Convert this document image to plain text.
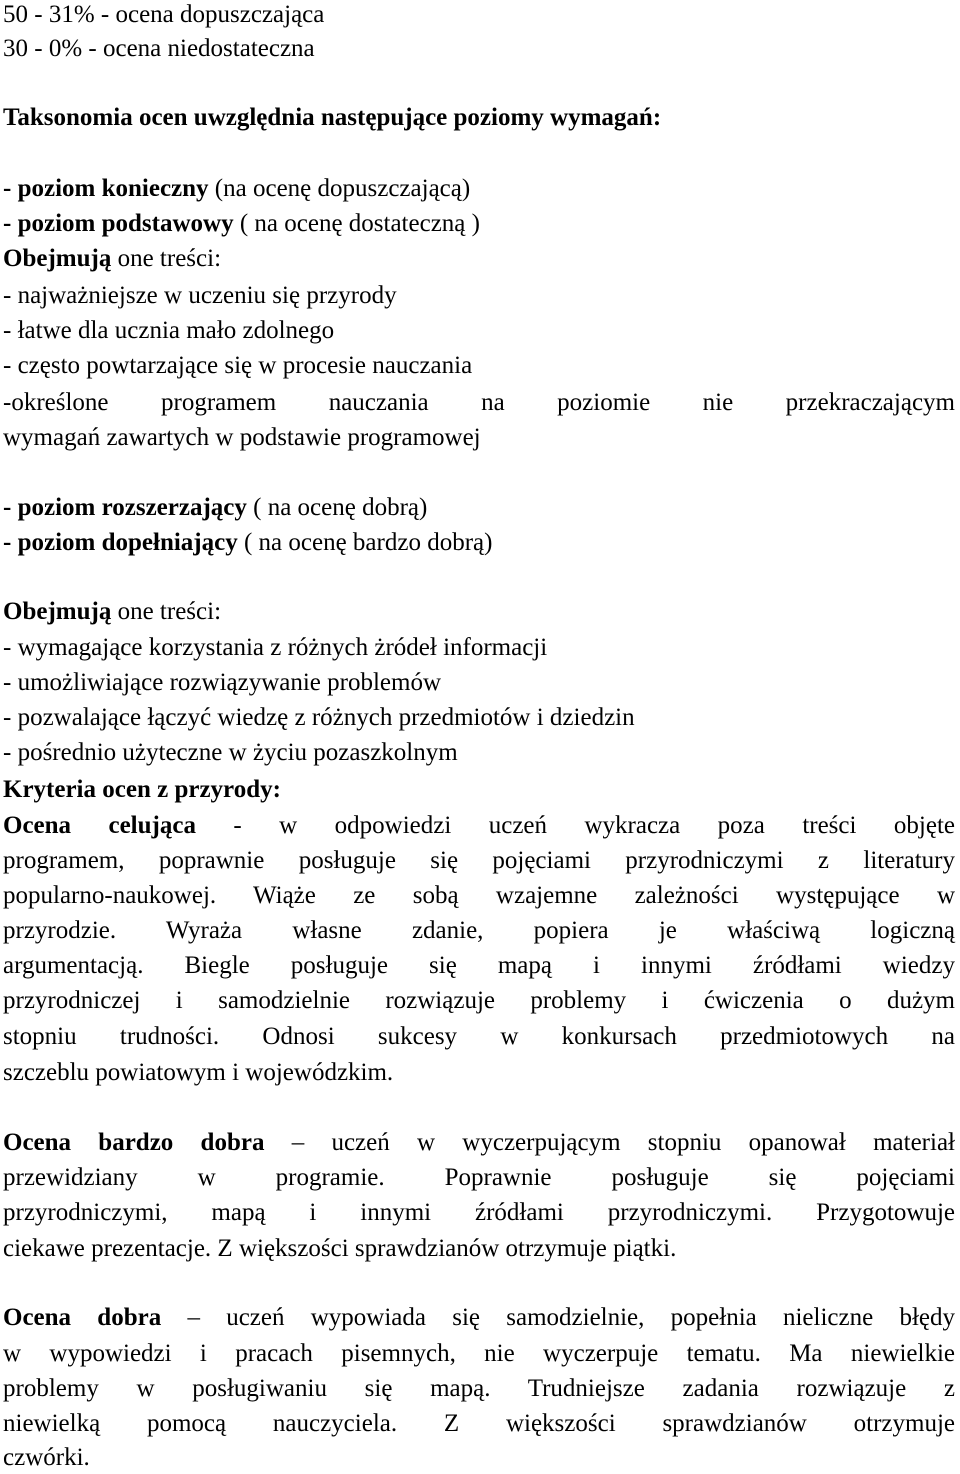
50 - 31% - ocena dopuszczająca
30 - 0% - ocena niedostateczna
Taksonomia ocen uwzględnia następujące poziomy wymagań:
- poziom konieczny (na ocenę dopuszczającą)
- poziom podstawowy ( na ocenę dostateczną )
Obejmują one treści:
- najważniejsze w uczeniu się przyrody
- łatwe dla ucznia mało zdolnego
- często powtarzające się w procesie nauczania
-określone programem nauczania na poziomie nie przekraczającym
wymagań zawartych w podstawie programowej
- poziom rozszerzający ( na ocenę dobrą)
- poziom dopełniający ( na ocenę bardzo dobrą)
Obejmują one treści:
- wymagające korzystania z różnych żródeł informacji
- umożliwiające rozwiązywanie problemów
- pozwalające łączyć wiedzę z różnych przedmiotów i dziedzin
- pośrednio użyteczne w życiu pozaszkolnym
Kryteria ocen z przyrody:
Ocena celująca - w odpowiedzi uczeń wykracza poza treści objęte
programem, poprawnie posługuje się pojęciami przyrodniczymi z literatury
popularno-naukowej. Wiąże ze sobą wzajemne zależności występujące w
przyrodzie. Wyraża własne zdanie, popiera je właściwą logiczną
argumentacją. Biegle posługuje się mapą i innymi źródłami wiedzy
przyrodniczej i samodzielnie rozwiązuje problemy i ćwiczenia o dużym
stopniu trudności. Odnosi sukcesy w konkursach przedmiotowych na
szczeblu powiatowym i wojewódzkim.
Ocena bardzo dobra – uczeń w wyczerpującym stopniu opanował materiał
przewidziany w programie. Poprawnie posługuje się pojęciami
przyrodniczymi, mapą i innymi źródłami przyrodniczymi. Przygotowuje
ciekawe prezentacje. Z większości sprawdzianów otrzymuje piątki.
Ocena dobra – uczeń wypowiada się samodzielnie, popełnia nieliczne błędy
w wypowiedzi i pracach pisemnych, nie wyczerpuje tematu. Ma niewielkie
problemy w posługiwaniu się mapą. Trudniejsze zadania rozwiązuje z
niewielką pomocą nauczyciela. Z większości sprawdzianów otrzymuje
czwórki.
